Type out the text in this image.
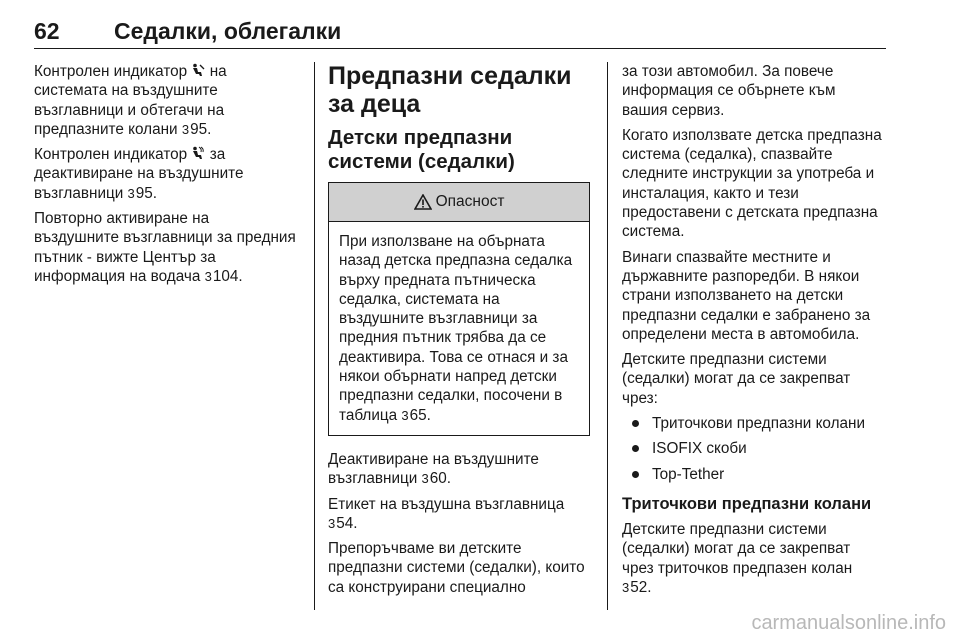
62 Седалки, облегалки

Контролен индикатор  на системата на въздушните възглавници и обтегачи на предпазните колани 395.

Контролен индикатор  за деактивиране на въздушните възглавници 395.

Повторно активиране на въздушните възглавници за предния пътник - вижте Център за информация на водача 3104.

Предпазни седалки за деца
Детски предпазни системи (седалки)
Опасност

При използване на обърната назад детска предпазна седалка върху предната пътническа седалка, системата на въздушните възглавници за предния пътник трябва да се деактивира. Това се отнася и за някои обърнати напред детски предпазни седалки, посочени в таблица 365.

Деактивиране на въздушните възглавници 360.

Етикет на въздушна възглавница 354.

Препоръчваме ви детските предпазни системи (седалки), които са конструирани специално

за този автомобил. За повече информация се обърнете към вашия сервиз.

Когато използвате детска предпазна система (седалка), спазвайте следните инструкции за употреба и инсталация, както и тези предоставени с детската предпазна система.

Винаги спазвайте местните и държавните разпоредби. В някои страни използването на детски предпазни седалки е забранено за определени места в автомобила.

Детските предпазни системи (седалки) могат да се закрепват чрез:

Триточкови предпазни колани
ISOFIX скоби
Top-Tether
Триточкови предпазни колани

Детските предпазни системи (седалки) могат да се закрепват чрез триточков предпазен колан 352.

carmanualsonline.info
